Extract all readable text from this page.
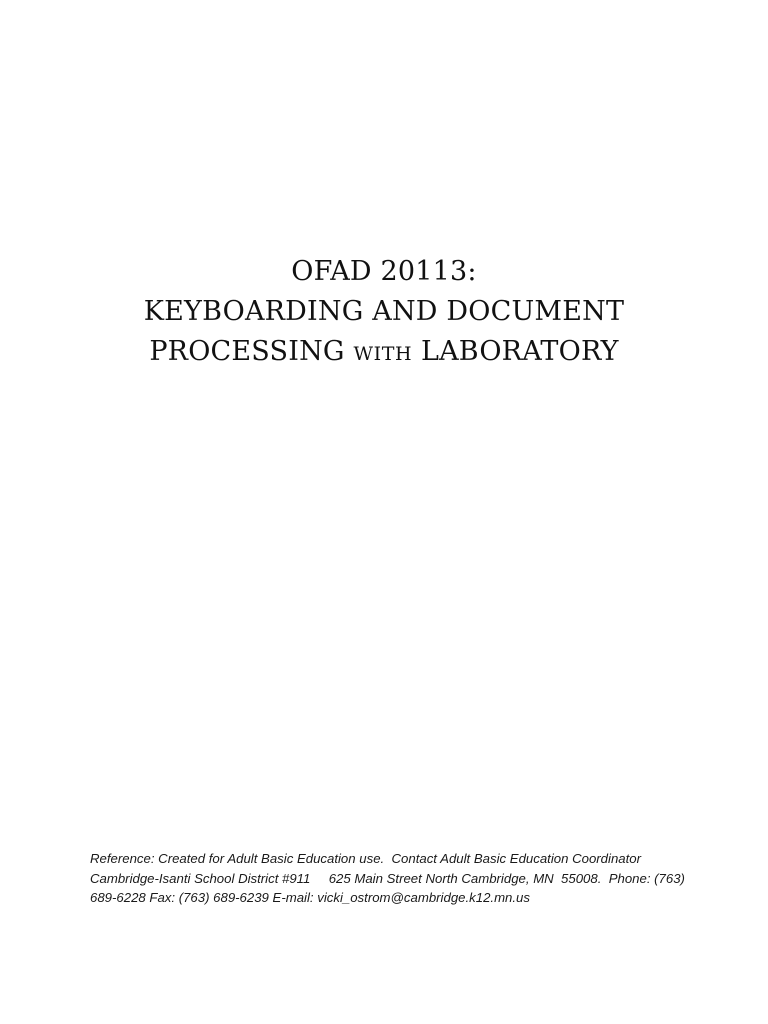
OFAD 20113:
KEYBOARDING AND DOCUMENT
PROCESSING WITH LABORATORY
Reference: Created for Adult Basic Education use.  Contact Adult Basic Education Coordinator
Cambridge-Isanti School District #911     625 Main Street North Cambridge, MN  55008.  Phone: (763)
689-6228 Fax: (763) 689-6239 E-mail: vicki_ostrom@cambridge.k12.mn.us
